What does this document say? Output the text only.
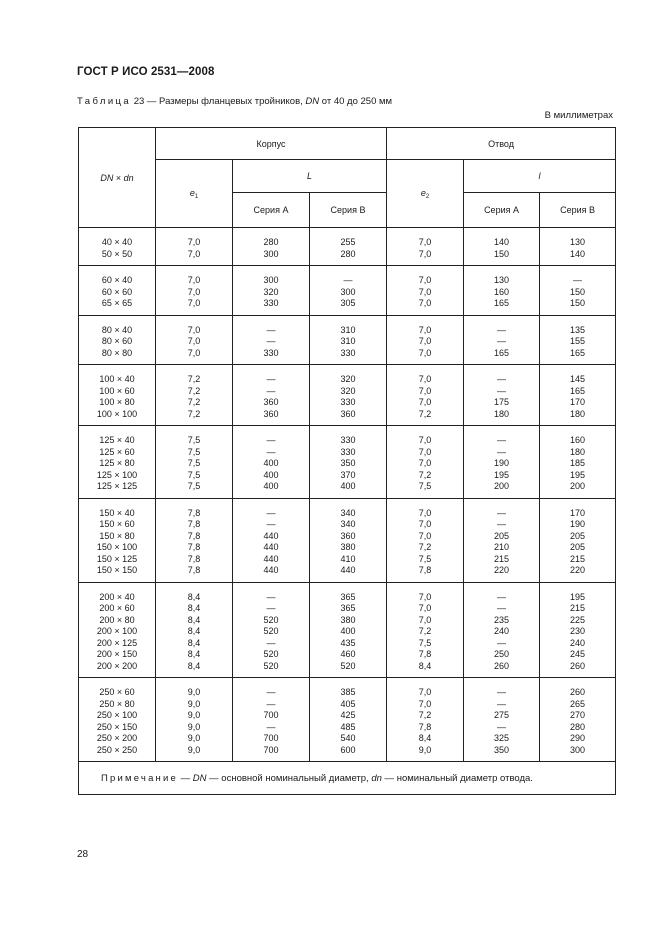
ГОСТ Р ИСО 2531—2008
Таблица 23 — Размеры фланцевых тройников, DN от 40 до 250 мм
В миллиметрах
DN × dn	Корпус			Отвод		
	$e_1$	L		$e_2$	l	
		Серия А	Серия В		Серия А	Серия В
40 × 40	7,0	280	255	7,0	140	130
50 × 50	7,0	300	280	7,0	150	140
60 × 40	7,0	300	—	7,0	130	—
60 × 60	7,0	320	300	7,0	160	150
65 × 65	7,0	330	305	7,0	165	150
80 × 40	7,0	—	310	7,0	—	135
80 × 60	7,0	—	310	7,0	—	155
80 × 80	7,0	330	330	7,0	165	165
100 × 40	7,2	—	320	7,0	—	145
100 × 60	7,2	—	320	7,0	—	165
100 × 80	7,2	360	330	7,0	175	170
100 × 100	7,2	360	360	7,2	180	180
125 × 40	7,5	—	330	7,0	—	160
125 × 60	7,5	—	330	7,0	—	180
125 × 80	7,5	400	350	7,0	190	185
125 × 100	7,5	400	370	7,2	195	195
125 × 125	7,5	400	400	7,5	200	200
150 × 40	7,8	—	340	7,0	—	170
150 × 60	7,8	—	340	7,0	—	190
150 × 80	7,8	440	360	7,0	205	205
150 × 100	7,8	440	380	7,2	210	205
150 × 125	7,8	440	410	7,5	215	215
150 × 150	7,8	440	440	7,8	220	220
200 × 40	8,4	—	365	7,0	—	195
200 × 60	8,4	—	365	7,0	—	215
200 × 80	8,4	520	380	7,0	235	225
200 × 100	8,4	520	400	7,2	240	230
200 × 125	8,4	—	435	7,5	—	240
200 × 150	8,4	520	460	7,8	250	245
200 × 200	8,4	520	520	8,4	260	260
250 × 60	9,0	—	385	7,0	—	260
250 × 80	9,0	—	405	7,0	—	265
250 × 100	9,0	700	425	7,2	275	270
250 × 150	9,0	—	485	7,8	—	280
250 × 200	9,0	700	540	8,4	325	290
250 × 250	9,0	700	600	9,0	350	300
Примечание — DN — основной номинальный диаметр, dn — номинальный диаметр отвода.						
28
